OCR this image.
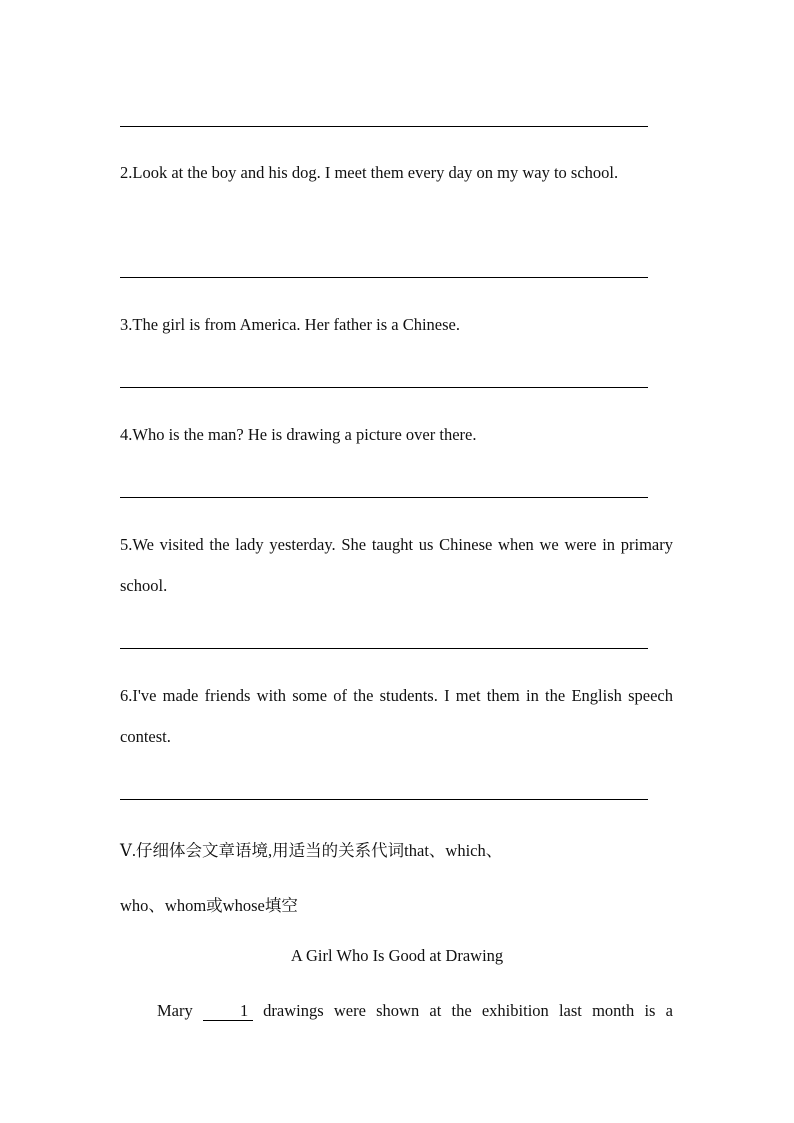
2.Look at the boy and his dog. I meet them every day on my way to school.
3.The girl is from America. Her father is a Chinese.
4.Who is the man? He is drawing a picture over there.
5.We visited the lady yesterday. She taught us Chinese when we were in primary school.
6.I've made friends with some of the students. I met them in the English speech contest.
Ⅴ.仔细体会文章语境,用适当的关系代词that、which、
who、whom或whose填空
A Girl Who Is Good at Drawing
Mary 1 drawings were shown at the exhibition last month is a
